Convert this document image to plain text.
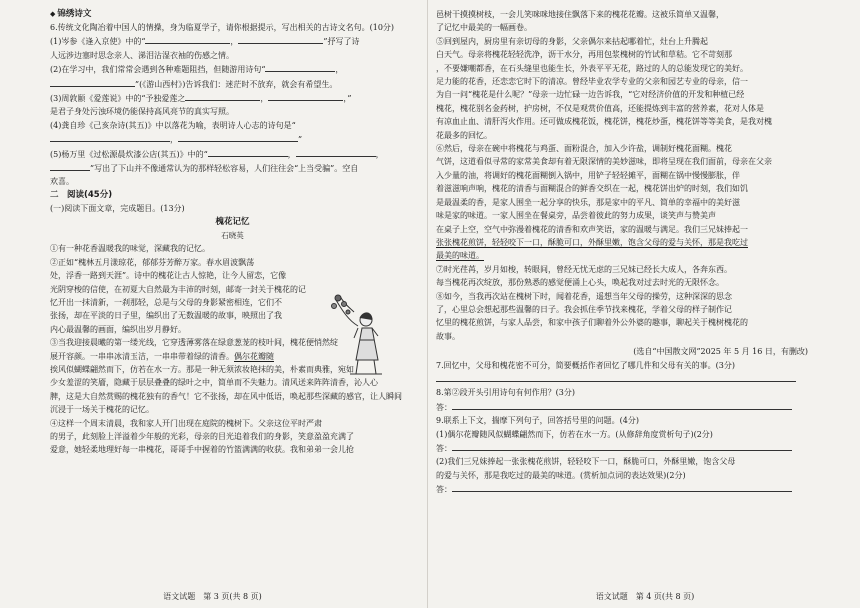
◆ 锦绣诗文

6.传统文化陶冶着中国人的情操，身为临夏学子，请你根据提示，写出相关的古诗文名句。(10分)

(1)岑参《逢入京使》中的“	，	”抒写了诗

人远涉边塞时思念亲人、涕泪沾湿衣袖的伤感之情。

(2)在学习中，我们常常会遇到各种难题阻挡，但随游用诗句“	，

”(《游山西村》)告诉我们：迷茫时不放弃，就会有希望生。

(3)周敦颐《爱莲说》中的“予独爱莲之	，	，”

是君子身处污浊环境仍能保持高风亮节的真实写照。

(4)龚自珍《己亥杂诗(其五)》中以落花为喻，表明诗人心志的诗句是“

，	”

(5)杨万里《过松源晨炊漆公店(其五)》中的“	，	，

”写出了下山并不像通常认为的那样轻松容易，人们往往会“上当受骗”。空自

欢喜。

二　阅读(45分)

(一)阅读下面文章，完成题目。(13分)

槐花记忆

石晓英

①有一种花香温暖我的味觉，深藏我的记忆。

②正如“槐林五月漾琼花，郁郁芬芳醉万家。春水眉波飘荡

处，浮香一路到天涯”。诗中的槐花让古人惊艳，让今人留恋，它像

光阴穿梭的信使，在初夏大自然最为丰沛的时刻，邮寄一封关于槐花的记

忆开出一抹清新，一刹那轻，总是与父母的身影紧密相连，它们不

张扬，却在平淡的日子里，编织出了无数温暖的故事，映照出了我

内心最温馨的画面，编织出岁月静好。

③当我迎接晨曦的第一缕光线，它穿透薄雾落在绿意葱茏的枝叶间，槐花便悄然绽

展开容颜。一串串冰清玉洁，一串串带着绿的清香。偶尔花瓣随

挨风似蝴蝶翩然而下，仿若在水一方。那是一种无须浓妆艳抹的美，朴素而典雅，宛如

少女羞涩的笑靥，隐藏于层层叠叠的绿叶之中，简单而不失魅力。清风送来阵阵清香，沁人心

脾，这是大自然赏赐的槐花独有的香气！它不张扬，却在风中低语，唤起那些深藏的感官，让人瞬间

沉浸于一场关于槐花的记忆。

④这样一个周末清晨，我和家人开门出现在庭院的槐树下。父亲这位平时严肃

的男子，此刻脸上洋溢着少年般的光彩，母亲的目光追着我们的身影，笑意盈盈充满了

爱意，她轻柔地理好每一串槐花，哥哥手中握着的竹篮满满的收获。我和弟弟一会儿抢

语文试题　第 3 页(共 8 页)

邑树干摸摸树枝，一会儿笑咪咪地接住飘落下来的槐花花瓣。这被乐简单又温馨，

了记忆中最美的一幅画卷。

⑤回到屋内，厨房里有亲切母的身影，父亲偶尔来拈起哪着忙，灶台上升腾起

白天气。母亲将槐花轻轻洗净，沥干水分，再用包浆槐树的竹试和草秸。它不苛刻那

，不要嫌嘲都香，在石头缝里也能生长，外表平平无花，路过的人的总能发现它的美好。

足力能的花香，还恋恋它时下的清凉。曾经毕业农学专业的父亲和园艺专业的母亲，信一

为自一问“槐花是什么呢？”母亲一边忙碌一边告诉我，“它对经济价值的开发和种植已经

槐花，槐花别名金药树，护房树，不仅是观赏价值高，还能提炼到丰富的营养素，花对人体是

有凉血止血、清肝泻火作用。还可做成槐花饭，槐花饼，槐花炒蛋，槐花饼等等美食，是我对槐

花最多的回忆。

⑥然后，母亲在碗中将槐花与鸡蛋、面粉混合，加入少许盐，调制好槐花面糊。槐花

气饼，这道看似寻常的家常美食却有着无限深情的美妙滋味，即将呈现在我们面前，母亲在父亲

入少量的油，将调好的槐花面糊倒入锅中，用铲子轻轻摊平，面糊在锅中慢慢膨胀，伴

着滋滋响声响，槐花的清香与面糊混合的鲜香交织在一起，槐花饼出炉的时刻，我们如饥

是最温柔的香，是家人围坐一起分享的快乐，那是家中的平凡、简单的幸福中的美好滋

味是家的味道。一家人围坐在餐桌旁，品尝着彼此的努力成果，谈笑声与赞美声

在桌子上空，空气中弥漫着槐花的清香和欢声笑语，家的温暖与满足。我们三兄妹捧起一

张张槐花煎饼，轻轻咬下一口，酥脆可口，外酥里嫩，饱含父母的爱与关怀，那是我吃过

最美的味道。

⑦时光荏苒，岁月如梭，转眼间，曾经无忧无虑的三兄妹已经长大成人，各奔东西。

每当槐花再次绽放，那份熟悉的感觉便涌上心头，唤起我对过去时光的无限怀念。

⑧如今，当我再次站在槐树下时，闻着花香，遥想当年父母的操劳，这种深深的思念

了，心里总会想起那些温馨的日子。我会抓住季节找来槐花，学着父母的样子制作记

忆里的槐花煎饼，与家人品尝，和家中孩子们聊着外公外婆的趣事，聊起关于槐树槐花的

故事。

(选自“中国散文网”2025 年 5 月 16 日，有删改)

7.回忆中，父母和槐花密不可分，简要概括作者回忆了哪几件和父母有关的事。(3分)

8.第②段开头引用诗句有何作用？(3分)

答：

9.联系上下文，揣摩下列句子，回答括号里的问题。(4分)

(1)偶尔花瓣随风似蝴蝶翩然而下，仿若在水一方。(从修辞角度赏析句子)(2分)

答：

(2)我们三兄妹捧起一张张槐花煎饼，轻轻咬下一口，酥脆可口，外酥里嫩，饱含父母

的爱与关怀，那是我吃过的最美的味道。(赏析加点词的表达效果)(2分)

答：

语文试题　第 4 页(共 8 页)
